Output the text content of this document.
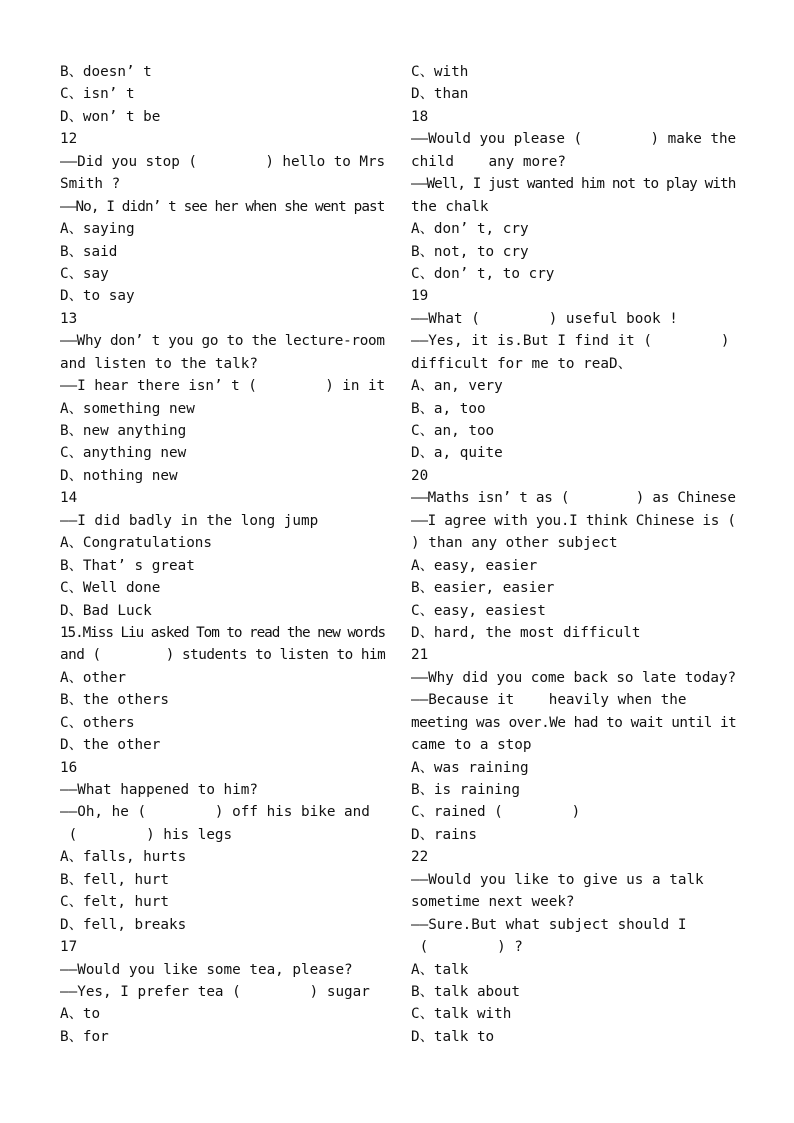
B、doesn’ t
C、isn’ t
D、won’ t be
12
——Did you stop (        ) hello to Mrs
Smith ?
——No, I didn’ t see her when she went past
A、saying
B、said
C、say
D、to say
13
——Why don’ t you go to the lecture-room
and listen to the talk?
——I hear there isn’ t (        ) in it
A、something new
B、new anything
C、anything new
D、nothing new
14
——I did badly in the long jump
A、Congratulations
B、That’ s great
C、Well done
D、Bad Luck
15.Miss Liu asked Tom to read the new words
and (        ) students to listen to him
A、other
B、the others
C、others
D、the other
16
——What happened to him?
——Oh, he (        ) off his bike and
(        ) his legs
A、falls, hurts
B、fell, hurt
C、felt, hurt
D、fell, breaks
17
——Would you like some tea, please?
——Yes, I prefer tea (        ) sugar
A、to
B、for
C、with
D、than
18
——Would you please (        ) make the
child    any more?
——Well, I just wanted him not to play with
the chalk
A、don’ t, cry
B、not, to cry
C、don’ t, to cry
19
——What (        ) useful book !
——Yes, it is.But I find it (        )
difficult for me to reaD、
A、an, very
B、a, too
C、an, too
D、a, quite
20
——Maths isn’ t as (        ) as Chinese
——I agree with you.I think Chinese is (
) than any other subject
A、easy, easier
B、easier, easier
C、easy, easiest
D、hard, the most difficult
21
——Why did you come back so late today?
——Because it    heavily when the
meeting was over.We had to wait until it
came to a stop
A、was raining
B、is raining
C、rained (        )
D、rains
22
——Would you like to give us a talk
sometime next week?
——Sure.But what subject should I
(        ) ?
A、talk
B、talk about
C、talk with
D、talk to
